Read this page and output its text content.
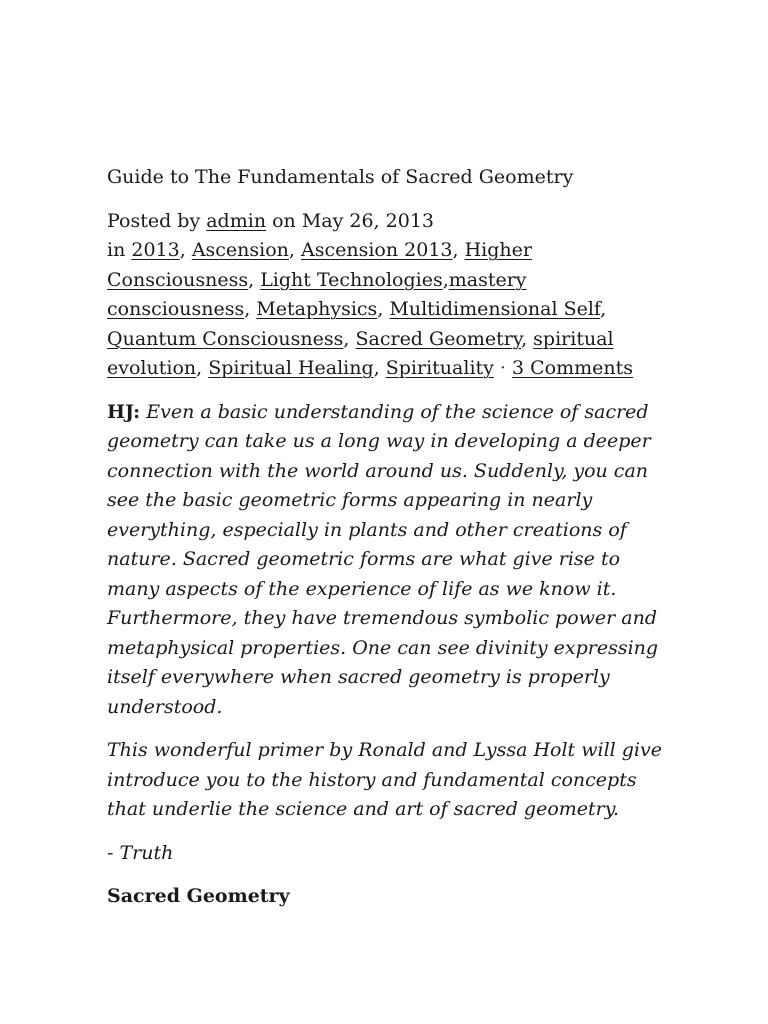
Guide to The Fundamentals of Sacred Geometry

Posted by admin on May 26, 2013
in 2013, Ascension, Ascension 2013, Higher Consciousness, Light Technologies,mastery consciousness, Metaphysics, Multidimensional Self, Quantum Consciousness, Sacred Geometry, spiritual evolution, Spiritual Healing, Spirituality · 3 Comments

HJ: Even a basic understanding of the science of sacred geometry can take us a long way in developing a deeper connection with the world around us. Suddenly, you can see the basic geometric forms appearing in nearly everything, especially in plants and other creations of nature. Sacred geometric forms are what give rise to many aspects of the experience of life as we know it. Furthermore, they have tremendous symbolic power and metaphysical properties. One can see divinity expressing itself everywhere when sacred geometry is properly understood.

This wonderful primer by Ronald and Lyssa Holt will give introduce you to the history and fundamental concepts that underlie the science and art of sacred geometry.

- Truth

Sacred Geometry
